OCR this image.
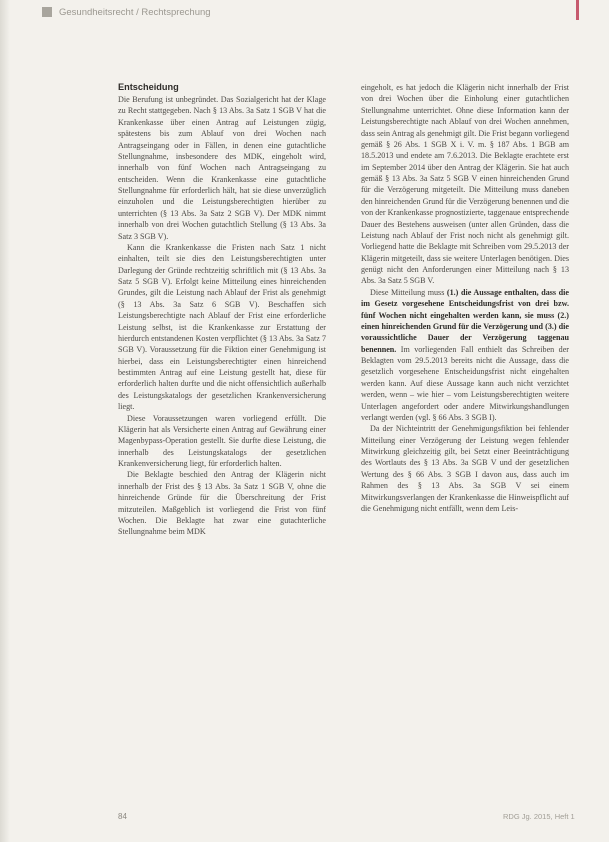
Gesundheitsrecht / Rechtsprechung
Entscheidung

Die Berufung ist unbegründet. Das Sozialgericht hat der Klage zu Recht stattgegeben. Nach § 13 Abs. 3a Satz 1 SGB V hat die Krankenkasse über einen Antrag auf Leistungen zügig, spätestens bis zum Ablauf von drei Wochen nach Antragseingang oder in Fällen, in denen eine gutachtliche Stellungnahme, insbesondere des MDK, eingeholt wird, innerhalb von fünf Wochen nach Antragseingang zu entscheiden. Wenn die Krankenkasse eine gutachtliche Stellungnahme für erforderlich hält, hat sie diese unverzüglich einzuholen und die Leistungsberechtigten hierüber zu unterrichten (§ 13 Abs. 3a Satz 2 SGB V). Der MDK nimmt innerhalb von drei Wochen gutachtlich Stellung (§ 13 Abs. 3a Satz 3 SGB V).

Kann die Krankenkasse die Fristen nach Satz 1 nicht einhalten, teilt sie dies den Leistungsberechtigten unter Darlegung der Gründe rechtzeitig schriftlich mit (§ 13 Abs. 3a Satz 5 SGB V). Erfolgt keine Mitteilung eines hinreichenden Grundes, gilt die Leistung nach Ablauf der Frist als genehmigt (§ 13 Abs. 3a Satz 6 SGB V). Beschaffen sich Leistungsberechtigte nach Ablauf der Frist eine erforderliche Leistung selbst, ist die Krankenkasse zur Erstattung der hierdurch entstandenen Kosten verpflichtet (§ 13 Abs. 3a Satz 7 SGB V). Voraussetzung für die Fiktion einer Genehmigung ist hierbei, dass ein Leistungsberechtigter einen hinreichend bestimmten Antrag auf eine Leistung gestellt hat, diese für erforderlich halten durfte und die nicht offensichtlich außerhalb des Leistungskatalogs der gesetzlichen Krankenversicherung liegt.

Diese Voraussetzungen waren vorliegend erfüllt. Die Klägerin hat als Versicherte einen Antrag auf Gewährung einer Magenbypass-Operation gestellt. Sie durfte diese Leistung, die innerhalb des Leistungskatalogs der gesetzlichen Krankenversicherung liegt, für erforderlich halten.

Die Beklagte beschied den Antrag der Klägerin nicht innerhalb der Frist des § 13 Abs. 3a Satz 1 SGB V, ohne die hinreichende Gründe für die Überschreitung der Frist mitzuteilen. Maßgeblich ist vorliegend die Frist von fünf Wochen. Die Beklagte hat zwar eine gutachterliche Stellungnahme beim MDK

eingeholt, es hat jedoch die Klägerin nicht innerhalb der Frist von drei Wochen über die Einholung einer gutachtlichen Stellungnahme unterrichtet. Ohne diese Information kann der Leistungsberechtigte nach Ablauf von drei Wochen annehmen, dass sein Antrag als genehmigt gilt. Die Frist begann vorliegend gemäß § 26 Abs. 1 SGB X i. V. m. § 187 Abs. 1 BGB am 18.5.2013 und endete am 7.6.2013. Die Beklagte erachtete erst im September 2014 über den Antrag der Klägerin. Sie hat auch gemäß § 13 Abs. 3a Satz 5 SGB V einen hinreichenden Grund für die Verzögerung mitgeteilt. Die Mitteilung muss daneben den hinreichenden Grund für die Verzögerung benennen und die von der Krankenkasse prognostizierte, taggenaue entsprechende Dauer des Bestehens ausweisen (unter allen Gründen, dass die Leistung nach Ablauf der Frist noch nicht als genehmigt gilt. Vorliegend hatte die Beklagte mit Schreiben vom 29.5.2013 der Klägerin mitgeteilt, dass sie weitere Unterlagen benötigen. Dies genügt nicht den Anforderungen einer Mitteilung nach § 13 Abs. 3a Satz 5 SGB V.

Diese Mitteilung muss (1.) die Aussage enthalten, dass die im Gesetz vorgesehene Entscheidungsfrist von drei bzw. fünf Wochen nicht eingehalten werden kann, sie muss (2.) einen hinreichenden Grund für die Verzögerung und (3.) die voraussichtliche Dauer der Verzögerung taggenau benennen. Im vorliegenden Fall enthielt das Schreiben der Beklagten vom 29.5.2013 bereits nicht die Aussage, dass die gesetzlich vorgesehene Entscheidungsfrist nicht eingehalten werden kann. Auf diese Aussage kann auch nicht verzichtet werden, wenn – wie hier – vom Leistungsberechtigten weitere Unterlagen angefordert oder andere Mitwirkungshandlungen verlangt werden (vgl. § 66 Abs. 3 SGB I).

Da der Nichteintritt der Genehmigungsfiktion bei fehlender Mitteilung einer Verzögerung der Leistung wegen fehlender Mitwirkung gleichzeitig gilt, bei Setzt einer Beeinträchtigung des Wortlauts des § 13 Abs. 3a SGB V und der gesetzlichen Wertung des § 66 Abs. 3 SGB I davon aus, dass auch im Rahmen des § 13 Abs. 3a SGB V sei einem Mitwirkungsverlangen der Krankenkasse die Hinweispflicht auf die Genehmigung nicht entfällt, wenn dem Leis-

84	RDG Jg. 2015, Heft 1
